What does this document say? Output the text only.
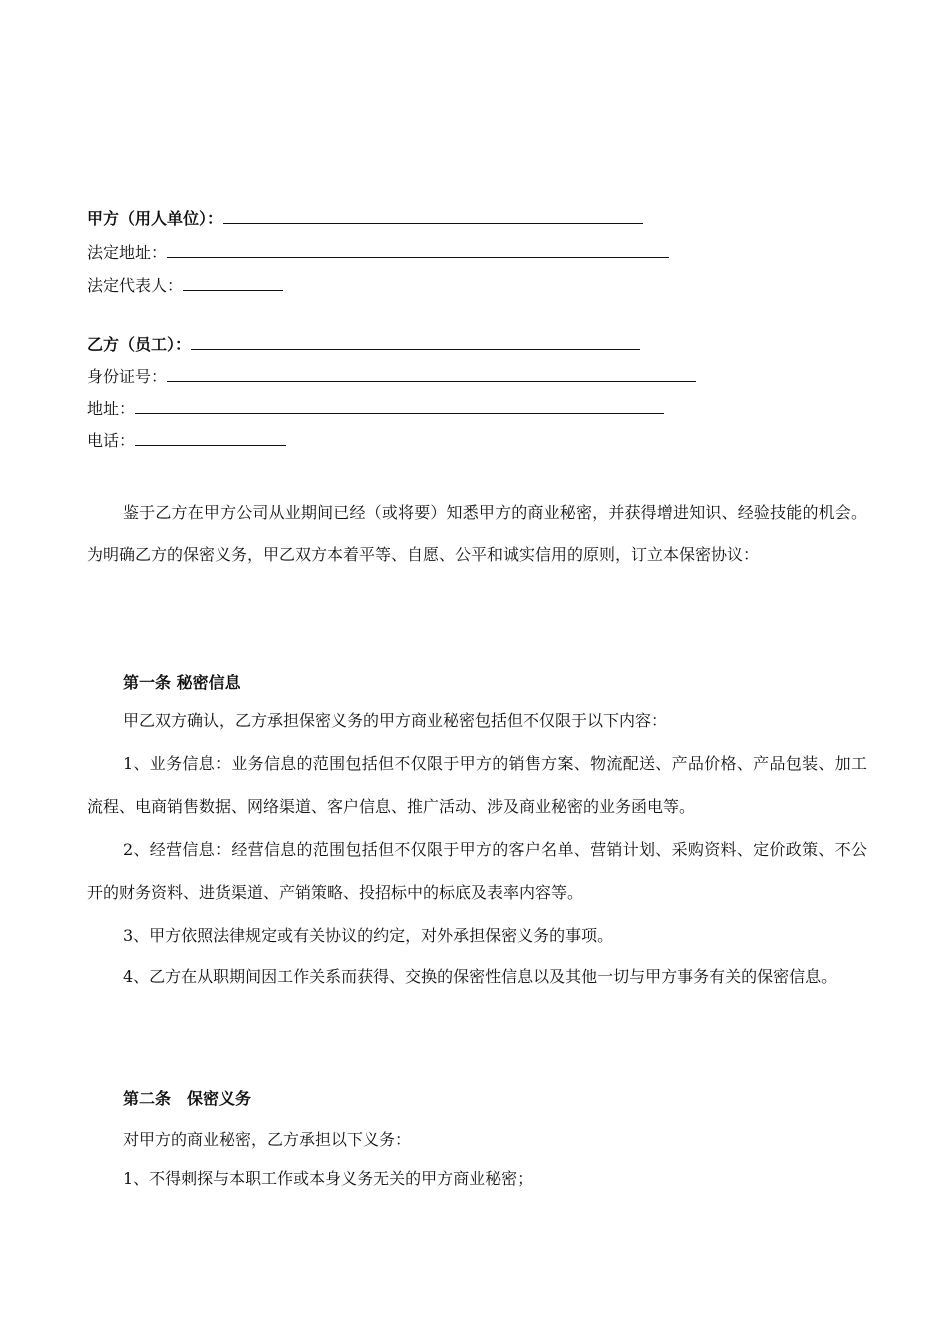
甲方（用人单位）：
法定地址：
法定代表人：
乙方（员工）：
身份证号：
地址：
电话：
鉴于乙方在甲方公司从业期间已经（或将要）知悉甲方的商业秘密，并获得增进知识、经验技能的机会。为明确乙方的保密义务，甲乙双方本着平等、自愿、公平和诚实信用的原则，订立本保密协议：
第一条 秘密信息
甲乙双方确认，乙方承担保密义务的甲方商业秘密包括但不仅限于以下内容：
1、业务信息：业务信息的范围包括但不仅限于甲方的销售方案、物流配送、产品价格、产品包装、加工流程、电商销售数据、网络渠道、客户信息、推广活动、涉及商业秘密的业务函电等。
2、经营信息：经营信息的范围包括但不仅限于甲方的客户名单、营销计划、采购资料、定价政策、不公开的财务资料、进货渠道、产销策略、投招标中的标底及表率内容等。
3、甲方依照法律规定或有关协议的约定，对外承担保密义务的事项。
4、乙方在从职期间因工作关系而获得、交换的保密性信息以及其他一切与甲方事务有关的保密信息。
第二条　保密义务
对甲方的商业秘密，乙方承担以下义务：
1、不得刺探与本职工作或本身义务无关的甲方商业秘密；
